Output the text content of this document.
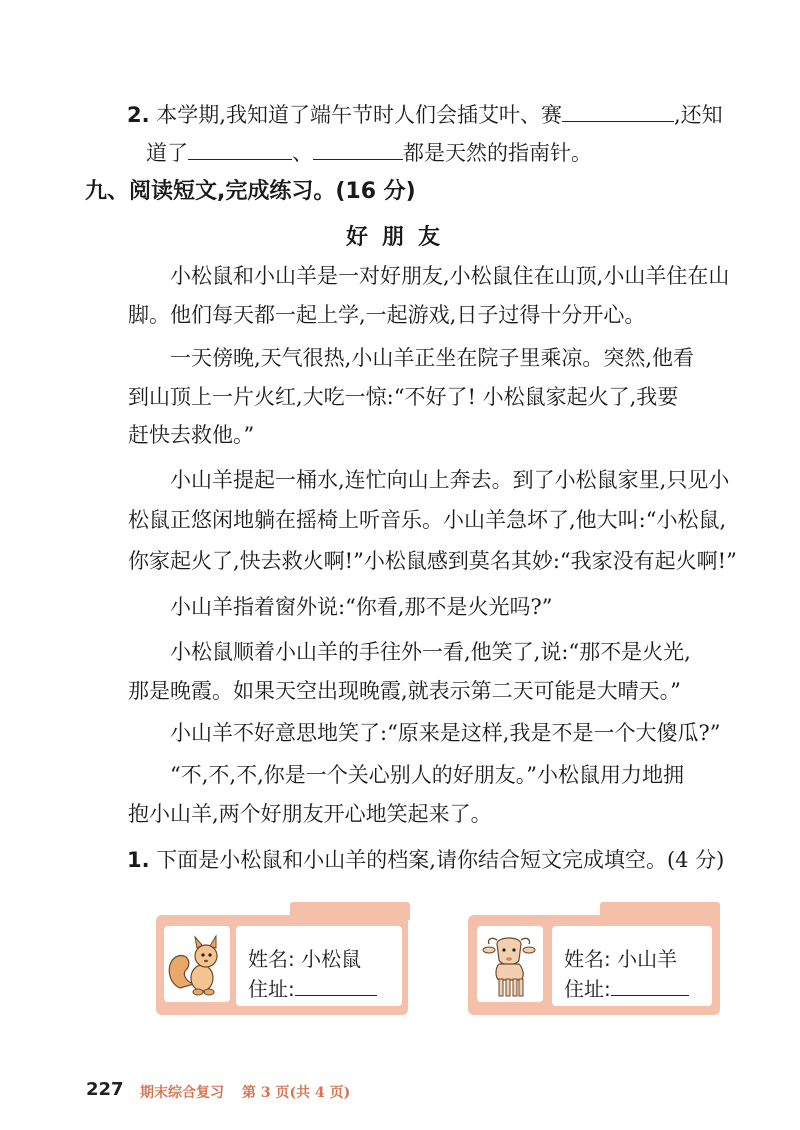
2. 本学期,我知道了端午节时人们会插艾叶、赛	,还知
道了	、	都是天然的指南针。
九、阅读短文,完成练习。(16 分)
好朋友
小松鼠和小山羊是一对好朋友,小松鼠住在山顶,小山羊住在山
脚。他们每天都一起上学,一起游戏,日子过得十分开心。
一天傍晚,天气很热,小山羊正坐在院子里乘凉。突然,他看
到山顶上一片火红,大吃一惊:“不好了! 小松鼠家起火了,我要
赶快去救他。”
小山羊提起一桶水,连忙向山上奔去。到了小松鼠家里,只见小
松鼠正悠闲地躺在摇椅上听音乐。小山羊急坏了,他大叫:“小松鼠,
你家起火了,快去救火啊!”小松鼠感到莫名其妙:“我家没有起火啊!”
小山羊指着窗外说:“你看,那不是火光吗?”
小松鼠顺着小山羊的手往外一看,他笑了,说:“那不是火光,
那是晚霞。如果天空出现晚霞,就表示第二天可能是大晴天。”
小山羊不好意思地笑了:“原来是这样,我是不是一个大傻瓜?”
“不,不,不,你是一个关心别人的好朋友。”小松鼠用力地拥
抱小山羊,两个好朋友开心地笑起来了。
1. 下面是小松鼠和小山羊的档案,请你结合短文完成填空。(4 分)
姓名: 小松鼠
住址:
姓名: 小山羊
住址:
227 期末综合复习 第 3 页(共 4 页)
